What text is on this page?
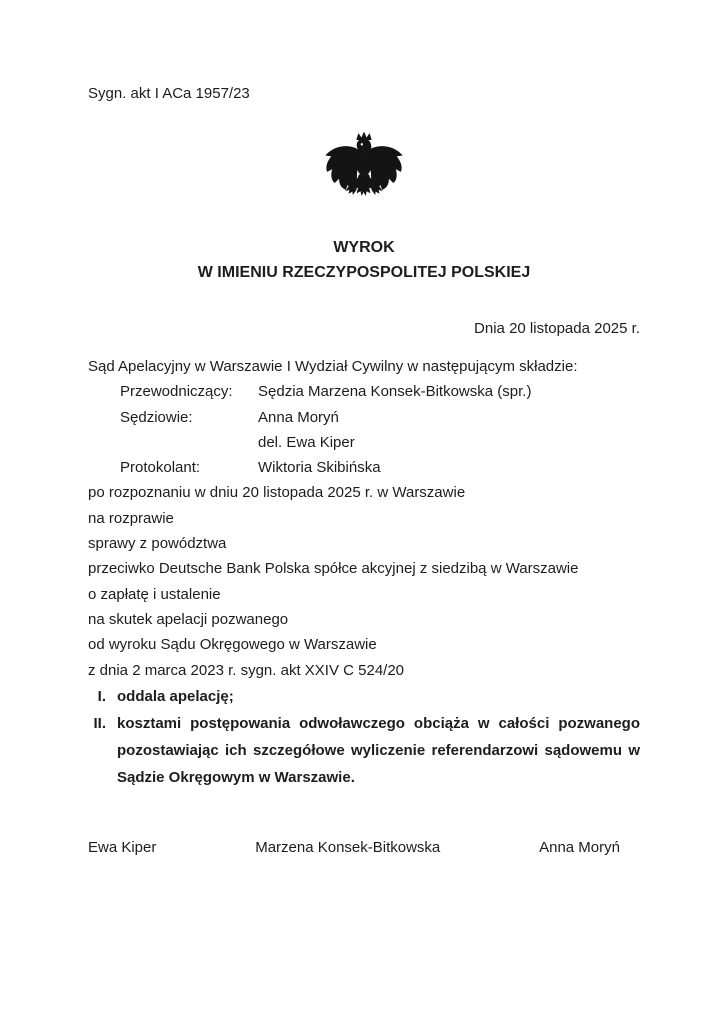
Sygn. akt I ACa 1957/23
WYROK
W IMIENIU RZECZYPOSPOLITEJ POLSKIEJ
Dnia 20 listopada 2025 r.
Sąd Apelacyjny w Warszawie I Wydział Cywilny w następującym składzie:
Przewodniczący:	Sędzia Marzena Konsek-Bitkowska (spr.)
Sędziowie:	Anna Moryń
del. Ewa Kiper
Protokolant:	Wiktoria Skibińska
po rozpoznaniu w dniu 20 listopada 2025 r. w Warszawie
na rozprawie
sprawy z powództwa
przeciwko Deutsche Bank Polska spółce akcyjnej z siedzibą w Warszawie
o zapłatę i ustalenie
na skutek apelacji pozwanego
od wyroku Sądu Okręgowego w Warszawie
z dnia 2 marca 2023 r. sygn. akt XXIV C 524/20
I. oddala apelację;
II. kosztami postępowania odwoławczego obciąża w całości pozwanego pozostawiając ich szczegółowe wyliczenie referendarzowi sądowemu w Sądzie Okręgowym w Warszawie.
Ewa Kiper	Marzena Konsek-Bitkowska	Anna Moryń
